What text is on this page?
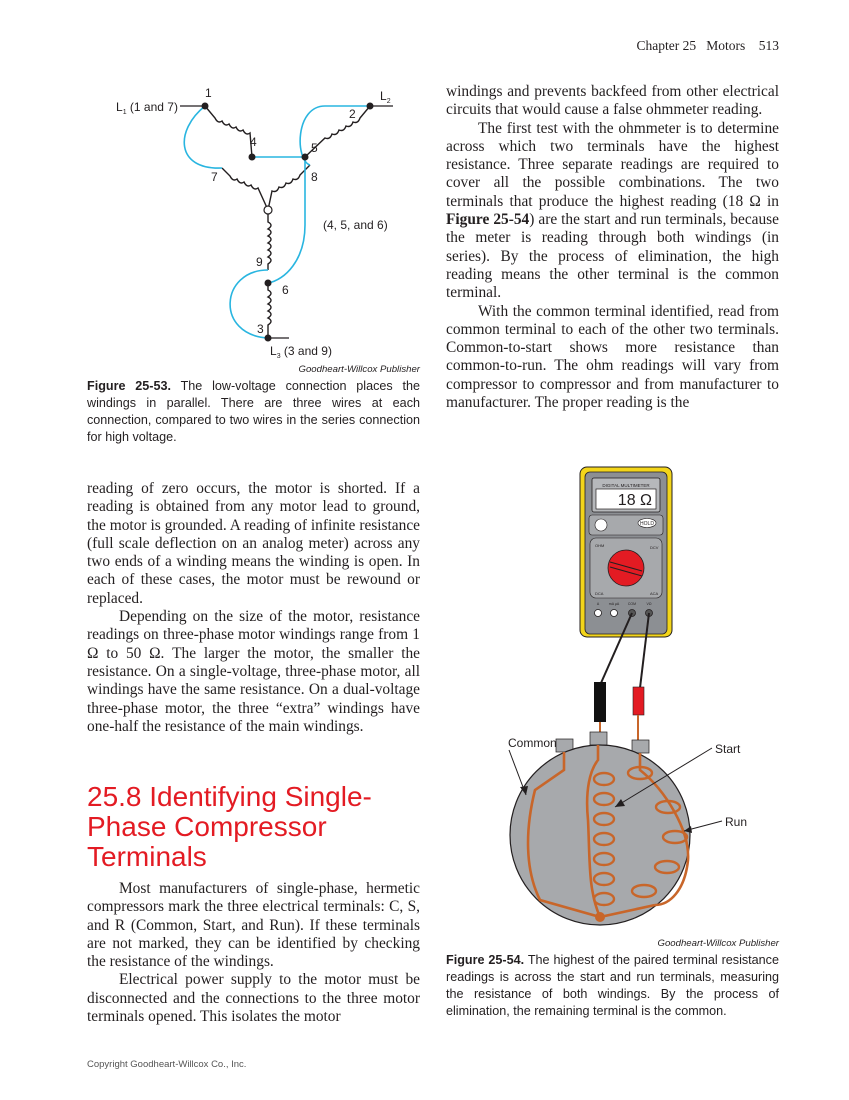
Chapter 25 Motors 513
$L_1$ (1 and 7)
$L_2$
$L_3$ (3 and 9)
1
2
3
4	5
6
7	8
9
(4, 5, and 6)
Goodheart-Willcox Publisher
Figure 25-53. The low-voltage connection places the windings in parallel. There are three wires at each connection, compared to two wires in the series connection for high voltage.

windings and prevents backfeed from other electrical circuits that would cause a false ohmmeter reading.

The first test with the ohmmeter is to determine across which two terminals have the highest resistance. Three separate readings are required to cover all the possible combinations. The two terminals that produce the highest reading (18 Ω in Figure 25-54) are the start and run terminals, because the meter is reading through both windings (in series). By the process of elimination, the high reading means the other terminal is the common terminal.

With the common terminal identified, read from common terminal to each of the other two terminals. Common-to-start shows more resistance than common-to-run. The ohm readings will vary from compressor to compressor and from manufacturer to manufacturer. The proper reading is the

reading of zero occurs, the motor is shorted. If a reading is obtained from any motor lead to ground, the motor is grounded. A reading of infinite resistance (full scale deflection on an analog meter) across any two ends of a winding means the winding is open. In each of these cases, the motor must be rewound or replaced.

Depending on the size of the motor, resistance readings on three-phase motor windings range from 1 Ω to 50 Ω. The larger the motor, the smaller the resistance. On a single-voltage, three-phase motor, all windings have the same resistance. On a dual-voltage three-phase motor, the three “extra” windings have one-half the resistance of the main windings.

25.8 Identifying Single-Phase Compressor Terminals

Most manufacturers of single-phase, hermetic compressors mark the three electrical terminals: C, S, and R (Common, Start, and Run). If these terminals are not marked, they can be identified by checking the resistance of the windings.

Electrical power supply to the motor must be disconnected and the connections to the three motor terminals opened. This isolates the motor

DIGITAL MULTIMETER
18 Ω
HOLD
OHM	DCV
DCA	ACA
A	mA µA COM	VΩ
Common	Start
Run
Goodheart-Willcox Publisher
Figure 25-54. The highest of the paired terminal resistance readings is across the start and run terminals, measuring the resistance of both windings. By the process of elimination, the remaining terminal is the common.
Copyright Goodheart-Willcox Co., Inc.
